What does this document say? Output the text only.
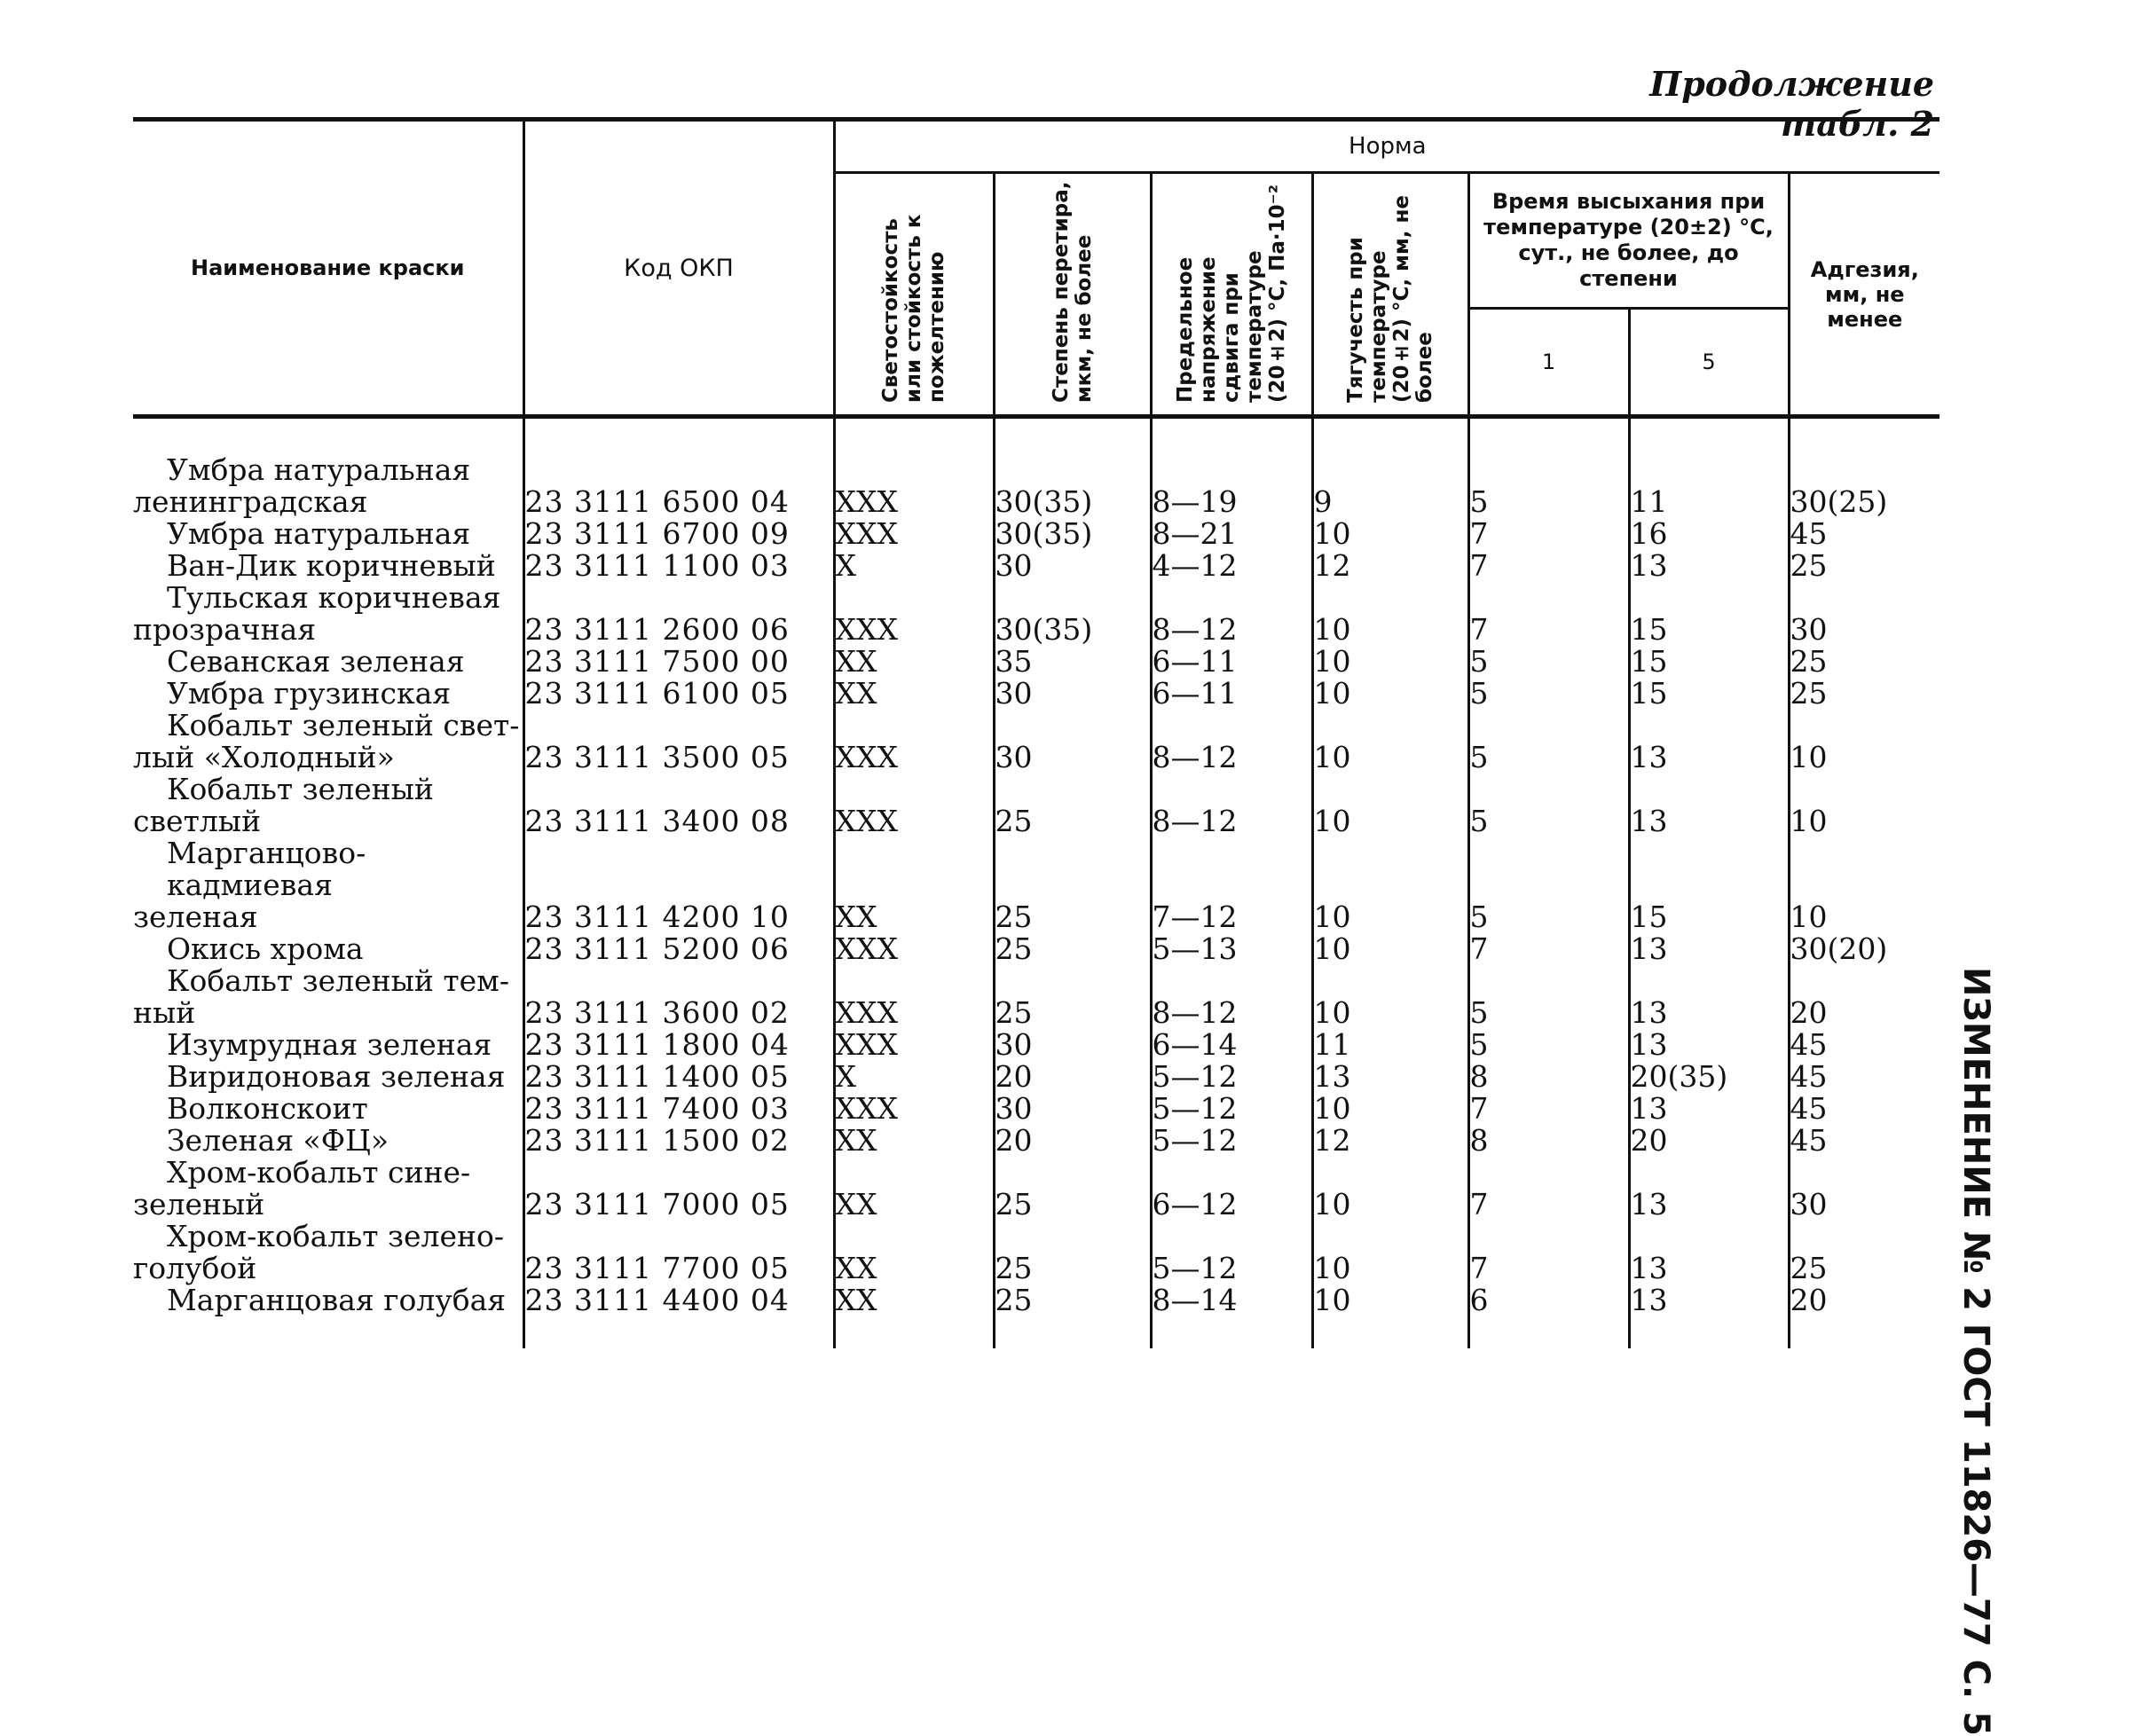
Продолжение табл. 2
ИЗМЕНЕНИЕ № 2 ГОСТ 11826—77 С. 5
Наименование краски	Код ОКП	Норма						
		Светостойкость или стойкость к пожелтению	Степень перетира, мкм, не более	Предельное напряжение сдвига при температуре (20±2) °С, Па·10⁻²	Тягучесть при температуре (20±2) °С, мм, не более	Время высыхания при температуре (20±2) °С, сут., не более, до степени		Адгезия, мм, не менее
						1	5	

Умбра натуральная
ленинградская	23 3111 6500 04	XXX	30(35)	8—19	9	5	11	30(25)

Умбра натуральная	23 3111 6700 09	XXX	30(35)	8—21	10	7	16	45

Ван-Дик коричневый	23 3111 1100 03	X	30	4—12	12	7	13	25

Тульская коричневая
прозрачная	23 3111 2600 06	XXX	30(35)	8—12	10	7	15	30

Севанская зеленая	23 3111 7500 00	XX	35	6—11	10	5	15	25

Умбра грузинская	23 3111 6100 05	XX	30	6—11	10	5	15	25

Кобальт зеленый свет-
лый «Холодный»	23 3111 3500 05	XXX	30	8—12	10	5	13	10

Кобальт зеленый
светлый	23 3111 3400 08	XXX	25	8—12	10	5	13	10

Марганцово-кадмиевая
зеленая	23 3111 4200 10	XX	25	7—12	10	5	15	10

Окись хрома	23 3111 5200 06	XXX	25	5—13	10	7	13	30(20)

Кобальт зеленый тем-
ный	23 3111 3600 02	XXX	25	8—12	10	5	13	20

Изумрудная зеленая	23 3111 1800 04	XXX	30	6—14	11	5	13	45

Виридоновая зеленая	23 3111 1400 05	X	20	5—12	13	8	20(35)	45

Волконскоит	23 3111 7400 03	XXX	30	5—12	10	7	13	45

Зеленая «ФЦ»	23 3111 1500 02	XX	20	5—12	12	8	20	45

Хром-кобальт сине-
зеленый	23 3111 7000 05	XX	25	6—12	10	7	13	30

Хром-кобальт зелено-
голубой	23 3111 7700 05	XX	25	5—12	10	7	13	25

Марганцовая голубая	23 3111 4400 04	XX	25	8—14	10	6	13	20
